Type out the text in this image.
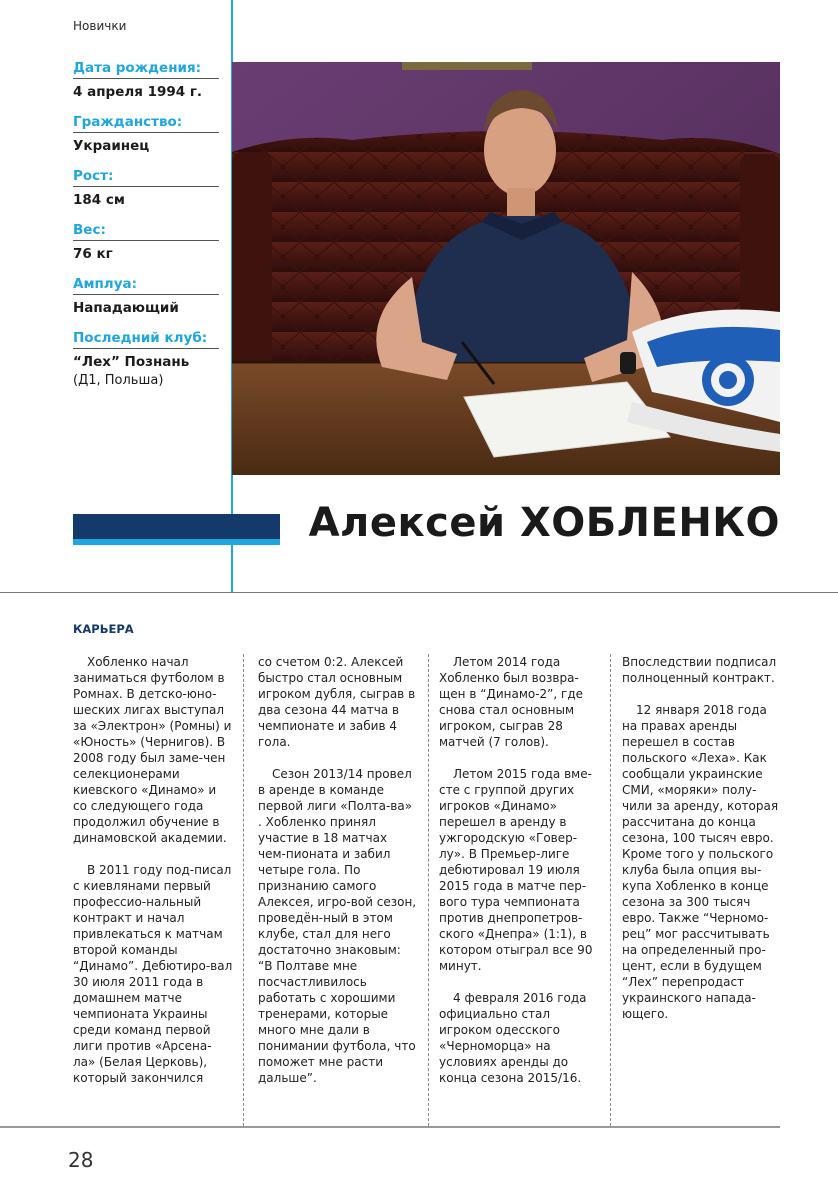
Новички
Дата рождения:
4 апреля 1994 г.
Гражданство:
Украинец
Рост:
184 см
Вес:
76 кг
Амплуа:
Нападающий
Последний клуб:
“Лех” Познань
(Д1, Польша)
Алексей ХОБЛЕНКО
КАРЬЕРА

Хобленко начал заниматься футболом в Ромнах. В детско-юно-шеских лигах выступал за «Электрон» (Ромны) и «Юность» (Чернигов). В 2008 году был заме-чен селекционерами киевского «Динамо» и со следующего года продолжил обучение в динамовской академии.

В 2011 году под-писал с киевлянами первый профессио-нальный контракт и начал привлекаться к матчам второй команды “Динамо”. Дебютиро-вал 30 июля 2011 года в домашнем матче чемпионата Украины среди команд первой лиги против «Арсена-ла» (Белая Церковь), который закончился

со счетом 0:2. Алексей быстро стал основным игроком дубля, сыграв в два сезона 44 матча в чемпионате и забив 4 гола.

Сезон 2013/14 провел в аренде в команде первой лиги «Полта-ва» . Хобленко принял участие в 18 матчах чем-пионата и забил четыре гола. По признанию самого Алексея, игро-вой сезон, проведён-ный в этом клубе, стал для него достаточно знаковым: “В Полтаве мне посчастливилось работать с хорошими тренерами, которые много мне дали в понимании футбола, что поможет мне расти дальше”.

Летом 2014 года Хобленко был возвра-щен в “Динамо-2”, где снова стал основным игроком, сыграв 28 матчей (7 голов).

Летом 2015 года вме-сте с группой других игроков «Динамо» перешел в аренду в ужгородскую «Говер-лу». В Премьер-лиге дебютировал 19 июля 2015 года в матче пер-вого тура чемпионата против днепропетров-ского «Днепра» (1:1), в котором отыграл все 90 минут.

4 февраля 2016 года официально стал игроком одесского «Черноморца» на условиях аренды до конца сезона 2015/16.

Впоследствии подписал полноценный контракт.

12 января 2018 года на правах аренды перешел в состав польского «Леха». Как сообщали украинские СМИ, «моряки» полу-чили за аренду, которая рассчитана до конца сезона, 100 тысяч евро. Кроме того у польского клуба была опция вы-купа Хобленко в конце сезона за 300 тысяч евро. Также “Черномо-рец” мог рассчитывать на определенный про-цент, если в будущем “Лех” перепродаст украинского напада-ющего.

28
